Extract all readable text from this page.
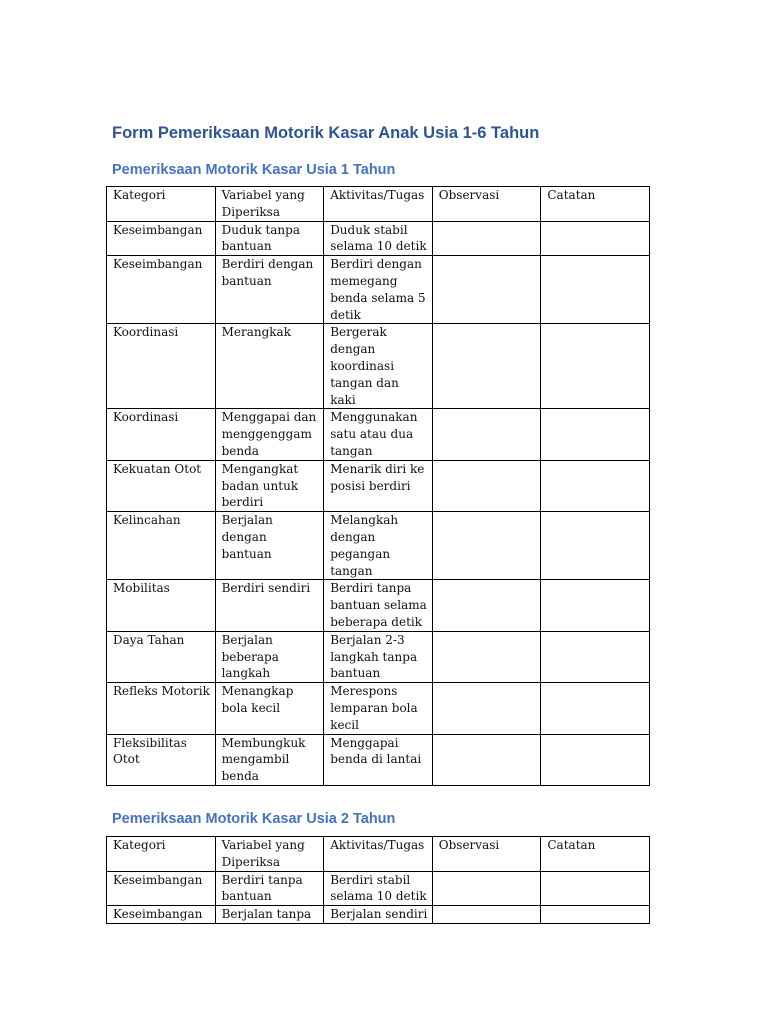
Form Pemeriksaan Motorik Kasar Anak Usia 1-6 Tahun
Pemeriksaan Motorik Kasar Usia 1 Tahun
Kategori	Variabel yang Diperiksa	Aktivitas/Tugas	Observasi	Catatan
Keseimbangan	Duduk tanpa bantuan	Duduk stabil selama 10 detik		
Keseimbangan	Berdiri dengan bantuan	Berdiri dengan memegang benda selama 5 detik		
Koordinasi	Merangkak	Bergerak dengan koordinasi tangan dan kaki		
Koordinasi	Menggapai dan menggenggam benda	Menggunakan satu atau dua tangan		
Kekuatan Otot	Mengangkat badan untuk berdiri	Menarik diri ke posisi berdiri		
Kelincahan	Berjalan dengan bantuan	Melangkah dengan pegangan tangan		
Mobilitas	Berdiri sendiri	Berdiri tanpa bantuan selama beberapa detik		
Daya Tahan	Berjalan beberapa langkah	Berjalan 2-3 langkah tanpa bantuan		
Refleks Motorik	Menangkap bola kecil	Merespons lemparan bola kecil		
Fleksibilitas Otot	Membungkuk mengambil benda	Menggapai benda di lantai		
Pemeriksaan Motorik Kasar Usia 2 Tahun
Kategori	Variabel yang Diperiksa	Aktivitas/Tugas	Observasi	Catatan
Keseimbangan	Berdiri tanpa bantuan	Berdiri stabil selama 10 detik		
Keseimbangan	Berjalan tanpa	Berjalan sendiri		
